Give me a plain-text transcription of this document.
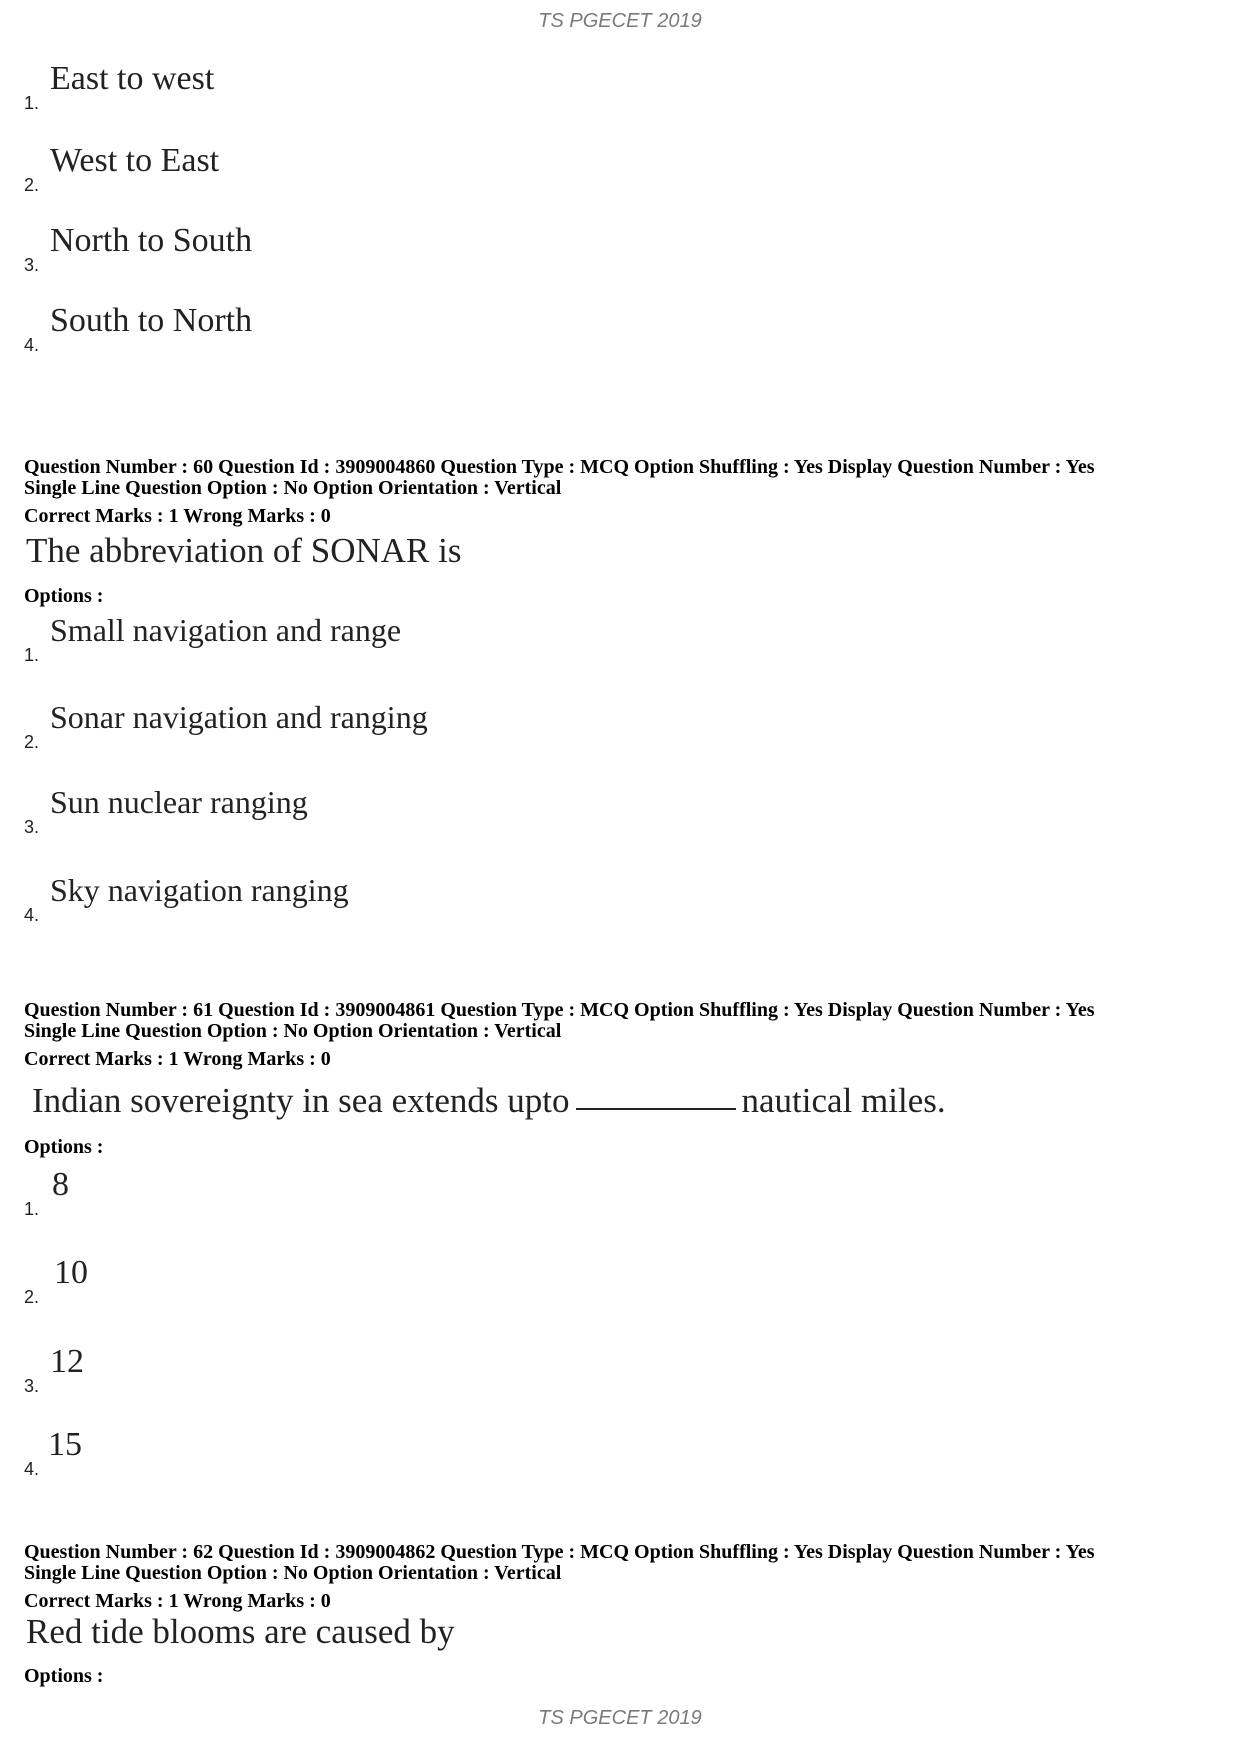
TS PGECET 2019
1.
East to west
2.
West to East
3.
North to South
4.
South to North
Question Number : 60 Question Id : 3909004860 Question Type : MCQ Option Shuffling : Yes Display Question Number : Yes
Single Line Question Option : No Option Orientation : Vertical
Correct Marks : 1 Wrong Marks : 0
The abbreviation of SONAR is
Options :
1.
Small navigation and range
2.
Sonar navigation and ranging
3.
Sun nuclear ranging
4.
Sky navigation ranging
Question Number : 61 Question Id : 3909004861 Question Type : MCQ Option Shuffling : Yes Display Question Number : Yes
Single Line Question Option : No Option Orientation : Vertical
Correct Marks : 1 Wrong Marks : 0
Indian sovereignty in sea extends upto	nautical miles.
Options :
1.
8
2.
10
3.
12
4.
15
Question Number : 62 Question Id : 3909004862 Question Type : MCQ Option Shuffling : Yes Display Question Number : Yes
Single Line Question Option : No Option Orientation : Vertical
Correct Marks : 1 Wrong Marks : 0
Red tide blooms are caused by
Options :
TS PGECET 2019
